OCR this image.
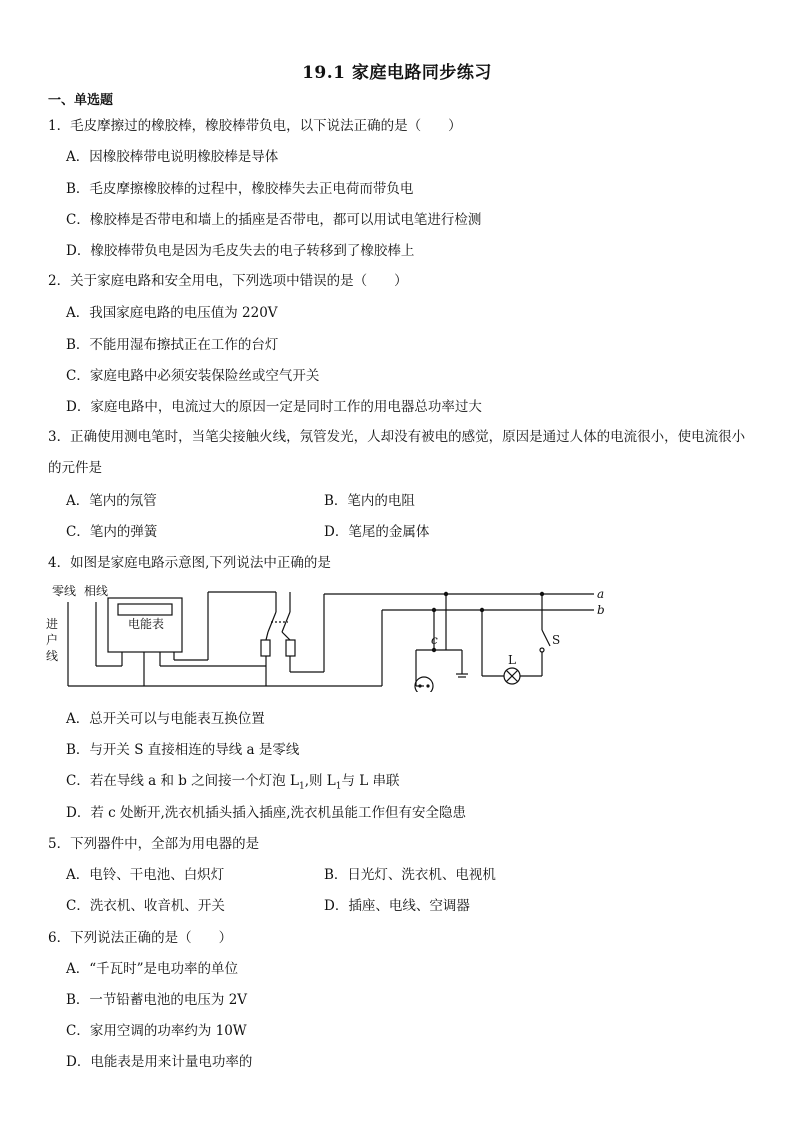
19.1 家庭电路同步练习
一、单选题
1．毛皮摩擦过的橡胶棒，橡胶棒带负电，以下说法正确的是（　　）
A．因橡胶棒带电说明橡胶棒是导体
B．毛皮摩擦橡胶棒的过程中，橡胶棒失去正电荷而带负电
C．橡胶棒是否带电和墙上的插座是否带电，都可以用试电笔进行检测
D．橡胶棒带负电是因为毛皮失去的电子转移到了橡胶棒上
2．关于家庭电路和安全用电，下列选项中错误的是（　　）
A．我国家庭电路的电压值为 220V
B．不能用湿布擦拭正在工作的台灯
C．家庭电路中必须安装保险丝或空气开关
D．家庭电路中，电流过大的原因一定是同时工作的用电器总功率过大
3．正确使用测电笔时，当笔尖接触火线，氖管发光，人却没有被电的感觉，原因是通过人体的电流很小，使电流很小的元件是
A．笔内的氖管	B．笔内的电阻
C．笔内的弹簧	D．笔尾的金属体
4．如图是家庭电路示意图,下列说法中正确的是
零线 相线
进
户
线
电能表
a
b
c
L
S
A．总开关可以与电能表互换位置
B．与开关 S 直接相连的导线 a 是零线
C．若在导线 a 和 b 之间接一个灯泡 $L_1$,则 $L_1$与 L 串联
D．若 c 处断开,洗衣机插头插入插座,洗衣机虽能工作但有安全隐患
5．下列器件中，全部为用电器的是
A．电铃、干电池、白炽灯	B．日光灯、洗衣机、电视机
C．洗衣机、收音机、开关	D．插座、电线、空调器
6．下列说法正确的是（　　）
A．“千瓦时”是电功率的单位
B．一节铅蓄电池的电压为 2V
C．家用空调的功率约为 10W
D．电能表是用来计量电功率的
